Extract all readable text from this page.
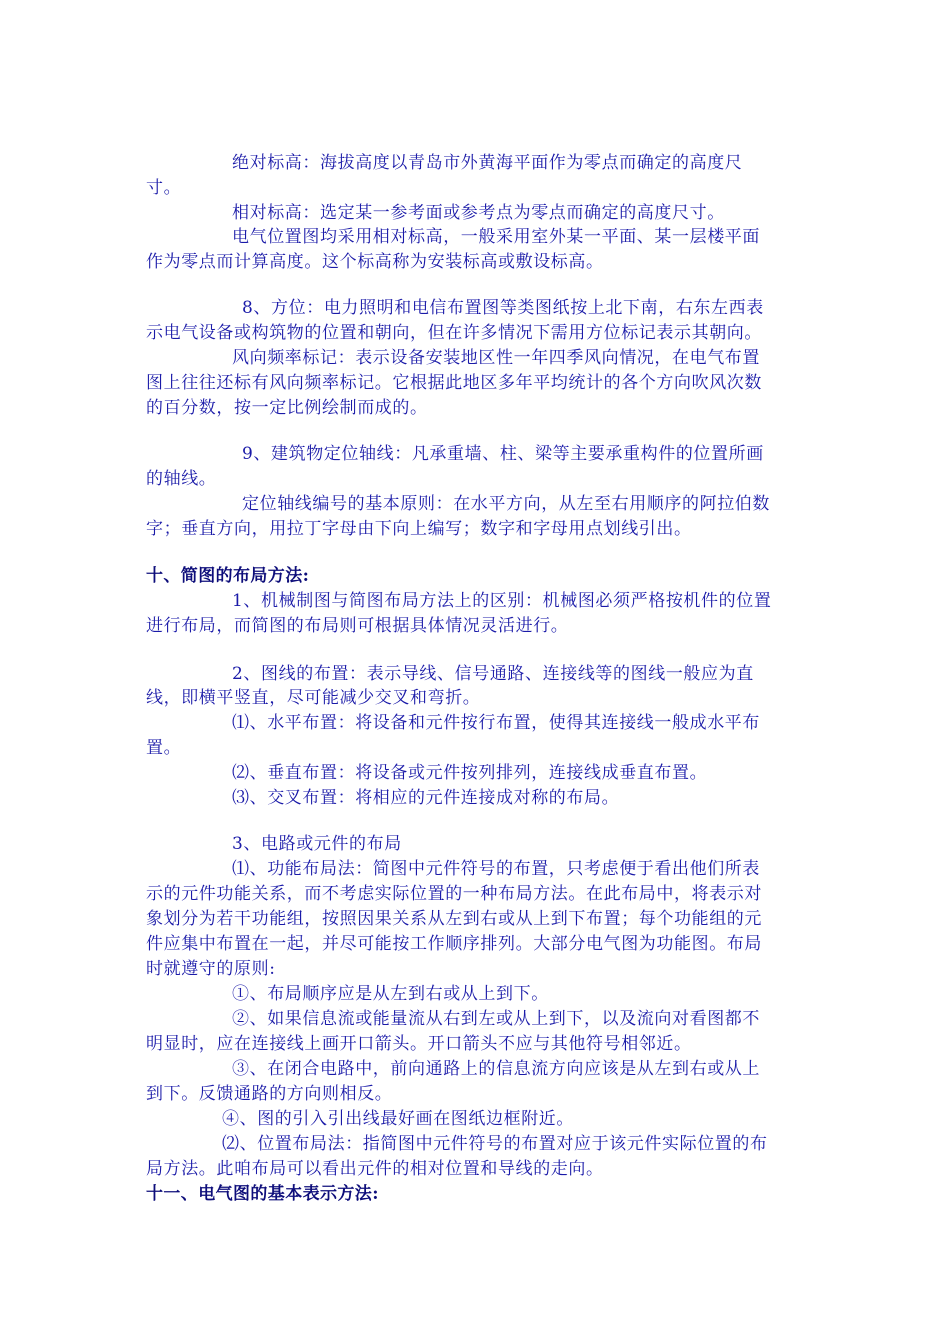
绝对标高：海拔高度以青岛市外黄海平面作为零点而确定的高度尺
寸。
相对标高：选定某一参考面或参考点为零点而确定的高度尺寸。
电气位置图均采用相对标高，一般采用室外某一平面、某一层楼平面
作为零点而计算高度。这个标高称为安装标高或敷设标高。
8、方位：电力照明和电信布置图等类图纸按上北下南，右东左西表
示电气设备或构筑物的位置和朝向，但在许多情况下需用方位标记表示其朝向。
风向频率标记：表示设备安装地区性一年四季风向情况，在电气布置
图上往往还标有风向频率标记。它根据此地区多年平均统计的各个方向吹风次数
的百分数，按一定比例绘制而成的。
9、建筑物定位轴线：凡承重墙、柱、梁等主要承重构件的位置所画
的轴线。
定位轴线编号的基本原则：在水平方向，从左至右用顺序的阿拉伯数
字；垂直方向，用拉丁字母由下向上编写；数字和字母用点划线引出。
十、简图的布局方法:
1、机械制图与简图布局方法上的区别：机械图必须严格按机件的位置
进行布局，而简图的布局则可根据具体情况灵活进行。
2、图线的布置：表示导线、信号通路、连接线等的图线一般应为直
线，即横平竖直，尽可能减少交叉和弯折。
⑴、水平布置：将设备和元件按行布置，使得其连接线一般成水平布
置。
⑵、垂直布置：将设备或元件按列排列，连接线成垂直布置。
⑶、交叉布置：将相应的元件连接成对称的布局。
3、电路或元件的布局
⑴、功能布局法：简图中元件符号的布置，只考虑便于看出他们所表
示的元件功能关系，而不考虑实际位置的一种布局方法。在此布局中，将表示对
象划分为若干功能组，按照因果关系从左到右或从上到下布置；每个功能组的元
件应集中布置在一起，并尽可能按工作顺序排列。大部分电气图为功能图。布局
时就遵守的原则:
①、布局顺序应是从左到右或从上到下。
②、如果信息流或能量流从右到左或从上到下，以及流向对看图都不
明显时，应在连接线上画开口箭头。开口箭头不应与其他符号相邻近。
③、在闭合电路中，前向通路上的信息流方向应该是从左到右或从上
到下。反馈通路的方向则相反。
④、图的引入引出线最好画在图纸边框附近。
⑵、位置布局法：指简图中元件符号的布置对应于该元件实际位置的布
局方法。此咱布局可以看出元件的相对位置和导线的走向。
十一、电气图的基本表示方法:
